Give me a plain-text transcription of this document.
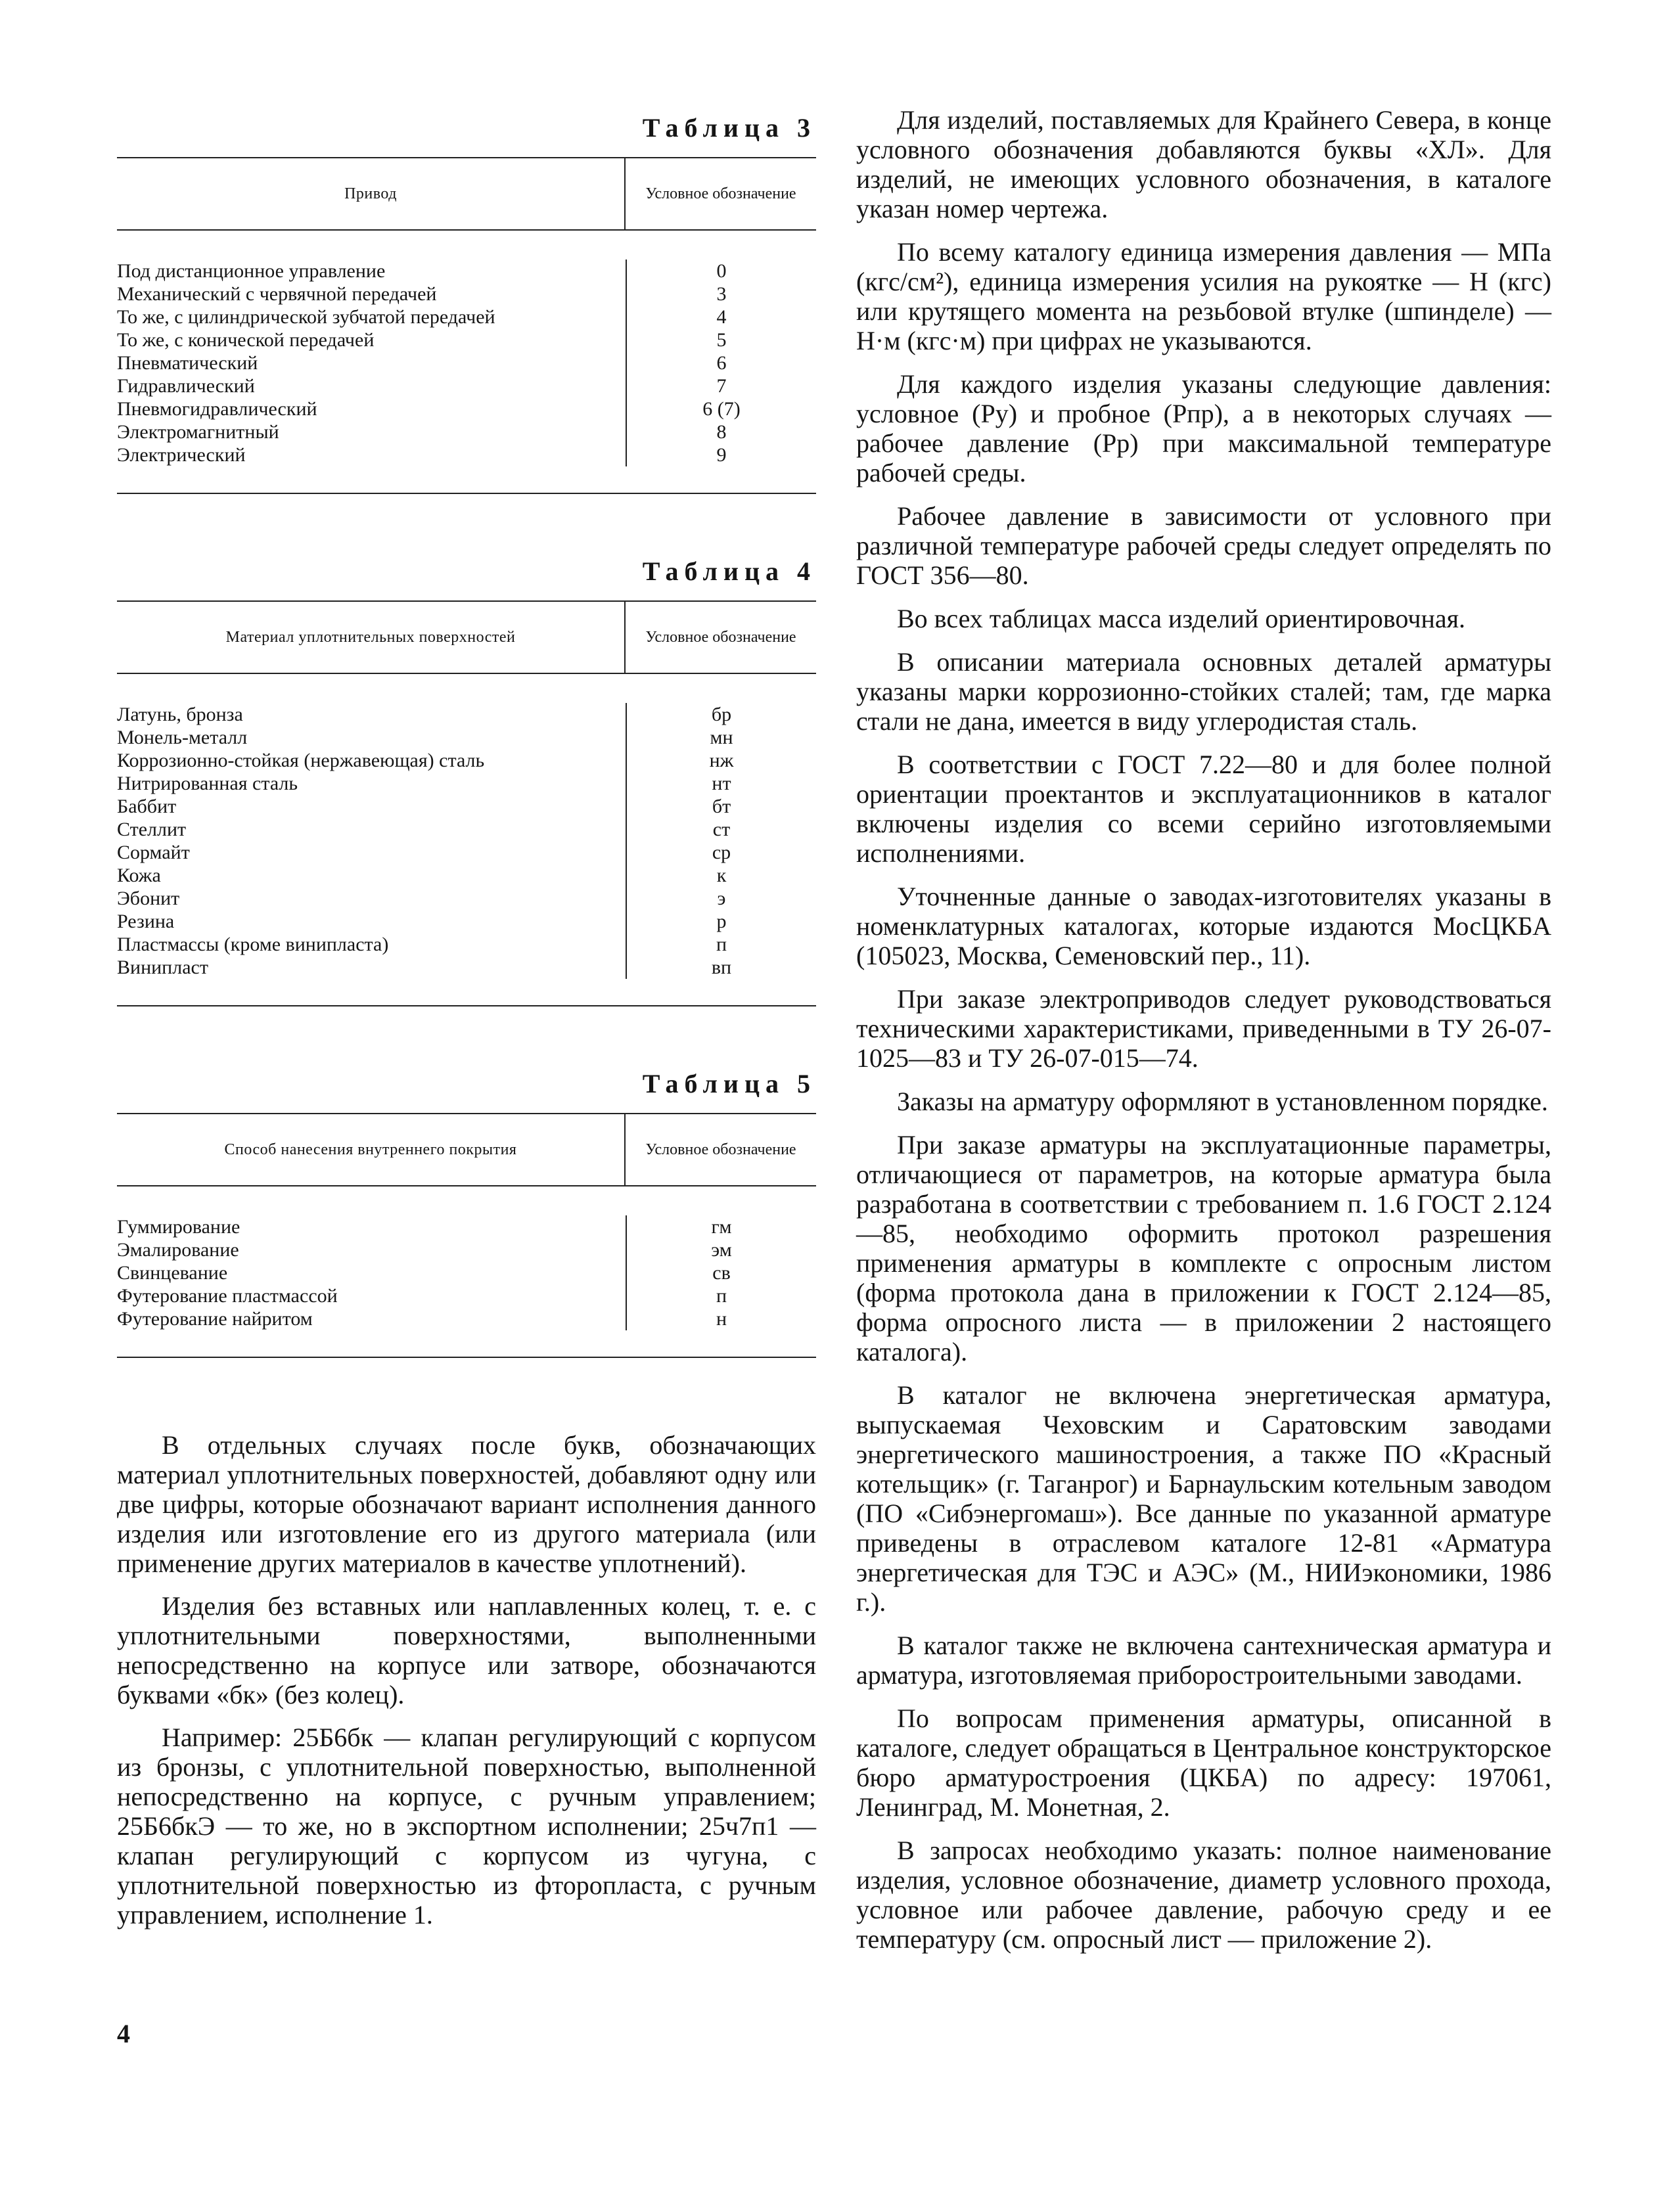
Таблица 3
Привод	Условное обозначение
Под дистанционное управление	0
Механический с червячной передачей	3
То же, с цилиндрической зубчатой передачей	4
То же, с конической передачей	5
Пневматический	6
Гидравлический	7
Пневмогидравлический	6 (7)
Электромагнитный	8
Электрический	9
Таблица 4
Материал уплотнительных поверхностей	Условное обозначение
Латунь, бронза	бр
Монель-металл	мн
Коррозионно-стойкая (нержавеющая) сталь	нж
Нитрированная сталь	нт
Баббит	бт
Стеллит	ст
Сормайт	ср
Кожа	к
Эбонит	э
Резина	р
Пластмассы (кроме винипласта)	п
Винипласт	вп
Таблица 5
Способ нанесения внутреннего покрытия	Условное обозначение
Гуммирование	гм
Эмалирование	эм
Свинцевание	св
Футерование пластмассой	п
Футерование найритом	н

В отдельных случаях после букв, обозначающих материал уплотнительных поверхностей, добавляют одну или две цифры, которые обозначают вариант исполнения данного изделия или изготовление его из другого материала (или применение других материалов в качестве уплотнений).

Изделия без вставных или наплавленных колец, т. е. с уплотнительными поверхностями, выполненными непосредственно на корпусе или затворе, обозначаются буквами «бк» (без колец).

Например: 25Б6бк — клапан регулирующий с корпусом из бронзы, с уплотнительной поверхностью, выполненной непосредственно на корпусе, с ручным управлением; 25Б6бкЭ — то же, но в экспортном исполнении; 25ч7п1 — клапан регулирующий с корпусом из чугуна, с уплотнительной поверхностью из фторопласта, с ручным управлением, исполнение 1.

4

Для изделий, поставляемых для Крайнего Севера, в конце условного обозначения добавляются буквы «ХЛ». Для изделий, не имеющих условного обозначения, в каталоге указан номер чертежа.

По всему каталогу единица измерения давления — МПа (кгс/см²), единица измерения усилия на рукоятке — Н (кгс) или крутящего момента на резьбовой втулке (шпинделе) — Н·м (кгс·м) при цифрах не указываются.

Для каждого изделия указаны следующие давления: условное (Pу) и пробное (Pпр), а в некоторых случаях — рабочее давление (Pр) при максимальной температуре рабочей среды.

Рабочее давление в зависимости от условного при различной температуре рабочей среды следует определять по ГОСТ 356—80.

Во всех таблицах масса изделий ориентировочная.

В описании материала основных деталей арматуры указаны марки коррозионно-стойких сталей; там, где марка стали не дана, имеется в виду углеродистая сталь.

В соответствии с ГОСТ 7.22—80 и для более полной ориентации проектантов и эксплуатационников в каталог включены изделия со всеми серийно изготовляемыми исполнениями.

Уточненные данные о заводах-изготовителях указаны в номенклатурных каталогах, которые издаются МосЦКБА (105023, Москва, Семеновский пер., 11).

При заказе электроприводов следует руководствоваться техническими характеристиками, приведенными в ТУ 26-07-1025—83 и ТУ 26-07-015—74.

Заказы на арматуру оформляют в установленном порядке.

При заказе арматуры на эксплуатационные параметры, отличающиеся от параметров, на которые арматура была разработана в соответствии с требованием п. 1.6 ГОСТ 2.124—85, необходимо оформить протокол разрешения применения арматуры в комплекте с опросным листом (форма протокола дана в приложении к ГОСТ 2.124—85, форма опросного листа — в приложении 2 настоящего каталога).

В каталог не включена энергетическая арматура, выпускаемая Чеховским и Саратовским заводами энергетического машиностроения, а также ПО «Красный котельщик» (г. Таганрог) и Барнаульским котельным заводом (ПО «Сибэнергомаш»). Все данные по указанной арматуре приведены в отраслевом каталоге 12-81 «Арматура энергетическая для ТЭС и АЭС» (М., НИИэкономики, 1986 г.).

В каталог также не включена сантехническая арматура и арматура, изготовляемая приборостроительными заводами.

По вопросам применения арматуры, описанной в каталоге, следует обращаться в Центральное конструкторское бюро арматуростроения (ЦКБА) по адресу: 197061, Ленинград, М. Монетная, 2.

В запросах необходимо указать: полное наименование изделия, условное обозначение, диаметр условного прохода, условное или рабочее давление, рабочую среду и ее температуру (см. опросный лист — приложение 2).
